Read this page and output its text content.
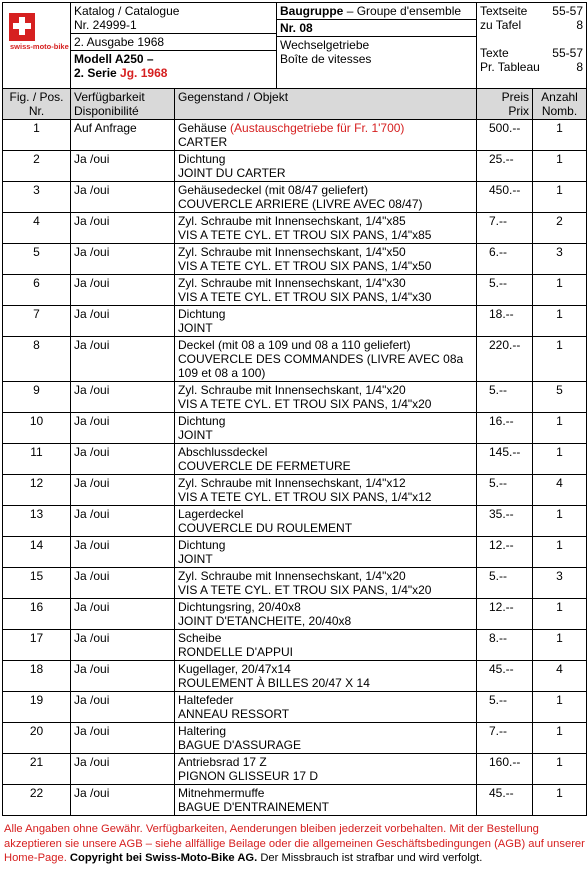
swiss-moto-bike

Katalog / Catalogue
Nr. 24999-1
2. Ausgabe 1968
Modell A250 –
2. Serie Jg. 1968

Baugruppe – Groupe d'ensemble
Nr. 08
Wechselgetriebe
Boîte de vitesses

Textseite 55-57
zu Tafel	8
Texte	55-57
Pr. Tableau	8
Fig. / Pos. Nr.	Verfügbarkeit Disponibilité	Gegenstand / Objekt	Preis Prix	Anzahl Nomb.
1	Auf Anfrage	Gehäuse (Austauschgetriebe für Fr. 1'700)
CARTER	500.--	1
2	Ja /oui	Dichtung
JOINT DU CARTER	25.--	1
3	Ja /oui	Gehäusedeckel (mit 08/47 geliefert)
COUVERCLE ARRIERE (LIVRE AVEC 08/47)	450.--	1
4	Ja /oui	Zyl. Schraube mit Innensechskant, 1/4"x85
VIS A TETE CYL. ET TROU SIX PANS, 1/4"x85	7.--	2
5	Ja /oui	Zyl. Schraube mit Innensechskant, 1/4"x50
VIS A TETE CYL. ET TROU SIX PANS, 1/4"x50	6.--	3
6	Ja /oui	Zyl. Schraube mit Innensechskant, 1/4"x30
VIS A TETE CYL. ET TROU SIX PANS, 1/4"x30	5.--	1
7	Ja /oui	Dichtung
JOINT	18.--	1
8	Ja /oui	Deckel (mit 08 a 109 und 08 a 110 geliefert)
COUVERCLE DES COMMANDES (LIVRE AVEC 08a 109 et 08 a 100)	220.--	1
9	Ja /oui	Zyl. Schraube mit Innensechskant, 1/4"x20
VIS A TETE CYL. ET TROU SIX PANS, 1/4"x20	5.--	5
10	Ja /oui	Dichtung
JOINT	16.--	1
11	Ja /oui	Abschlussdeckel
COUVERCLE DE FERMETURE	145.--	1
12	Ja /oui	Zyl. Schraube mit Innensechskant, 1/4"x12
VIS A TETE CYL. ET TROU SIX PANS, 1/4"x12	5.--	4
13	Ja /oui	Lagerdeckel
COUVERCLE DU ROULEMENT	35.--	1
14	Ja /oui	Dichtung
JOINT	12.--	1
15	Ja /oui	Zyl. Schraube mit Innensechskant, 1/4"x20
VIS A TETE CYL. ET TROU SIX PANS, 1/4"x20	5.--	3
16	Ja /oui	Dichtungsring, 20/40x8
JOINT D'ETANCHEITE, 20/40x8	12.--	1
17	Ja /oui	Scheibe
RONDELLE D'APPUI	8.--	1
18	Ja /oui	Kugellager, 20/47x14
ROULEMENT À BILLES 20/47 X 14	45.--	4
19	Ja /oui	Haltefeder
ANNEAU RESSORT	5.--	1
20	Ja /oui	Haltering
BAGUE D'ASSURAGE	7.--	1
21	Ja /oui	Antriebsrad 17 Z
PIGNON GLISSEUR 17 D	160.--	1
22	Ja /oui	Mitnehmermuffe
BAGUE D'ENTRAINEMENT	45.--	1
Alle Angaben ohne Gewähr. Verfügbarkeiten, Aenderungen bleiben jederzeit vorbehalten. Mit der Bestellung akzeptieren sie unsere AGB – siehe allfällige Beilage oder die allgemeinen Geschäftsbedingungen (AGB) auf unserer Home-Page. Copyright bei Swiss-Moto-Bike AG. Der Missbrauch ist strafbar und wird verfolgt.
